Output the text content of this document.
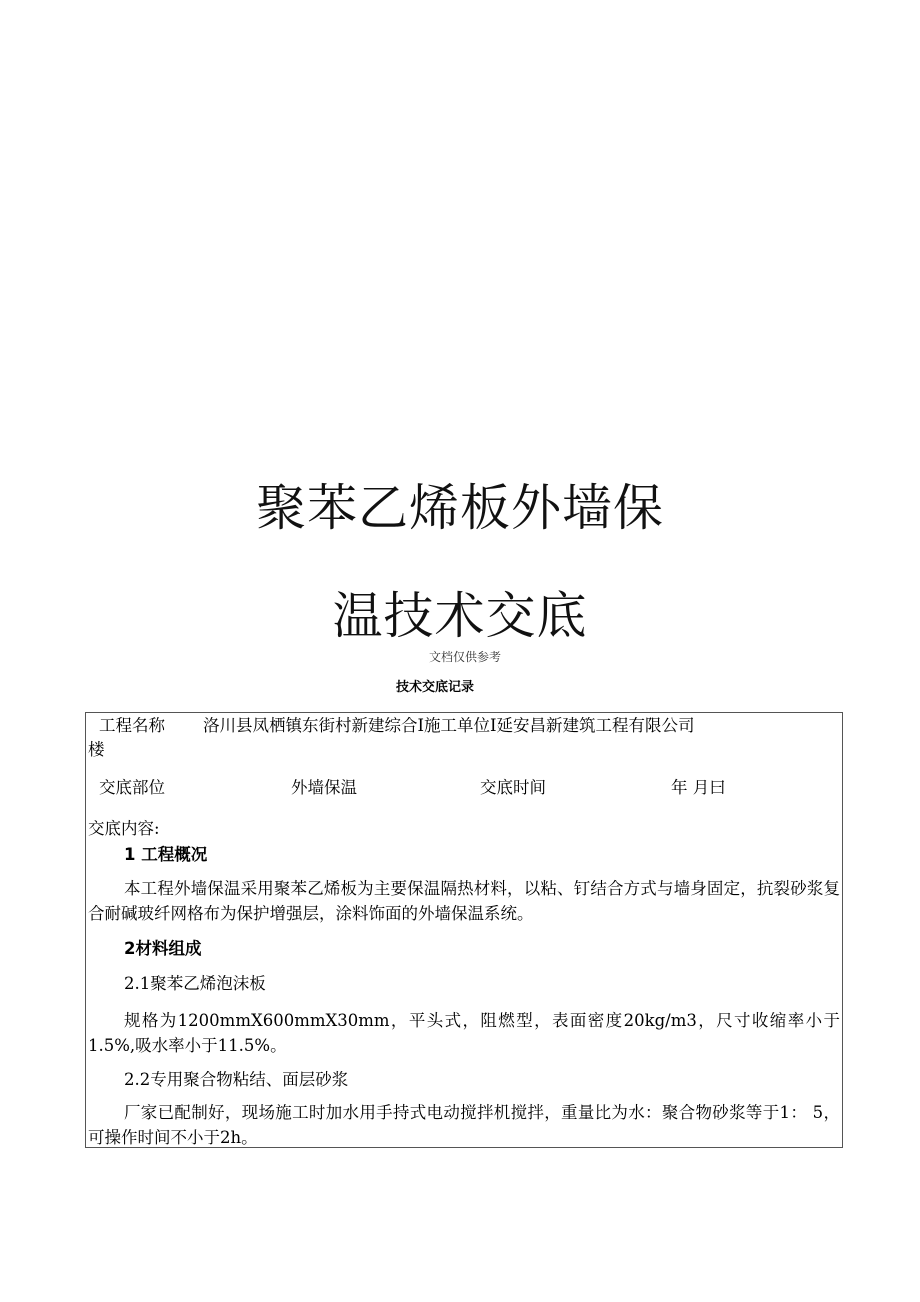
聚苯乙烯板外墙保
温技术交底
文档仅供参考
技术交底记录
工程名称 洛川县凤栖镇东街村新建综合I施工单位I延安昌新建筑工程有限公司
楼
交底部位	外墙保温	交底时间	年 月曰
交底内容:
1 工程概况

本工程外墙保温采用聚苯乙烯板为主要保温隔热材料，以粘、钉结合方式与墙身固定，抗裂砂浆复合耐碱玻纤网格布为保护增强层，涂料饰面的外墙保温系统。

2材料组成
2.1聚苯乙烯泡沫板

规格为1200mmX600mmX30mm，平头式，阻燃型，表面密度20kg/m3，尺寸收缩率小于1.5%,吸水率小于11.5%。

2.2专用聚合物粘结、面层砂浆

厂家已配制好，现场施工时加水用手持式电动搅拌机搅拌，重量比为水：聚合物砂浆等于1： 5，可操作时间不小于2h。
